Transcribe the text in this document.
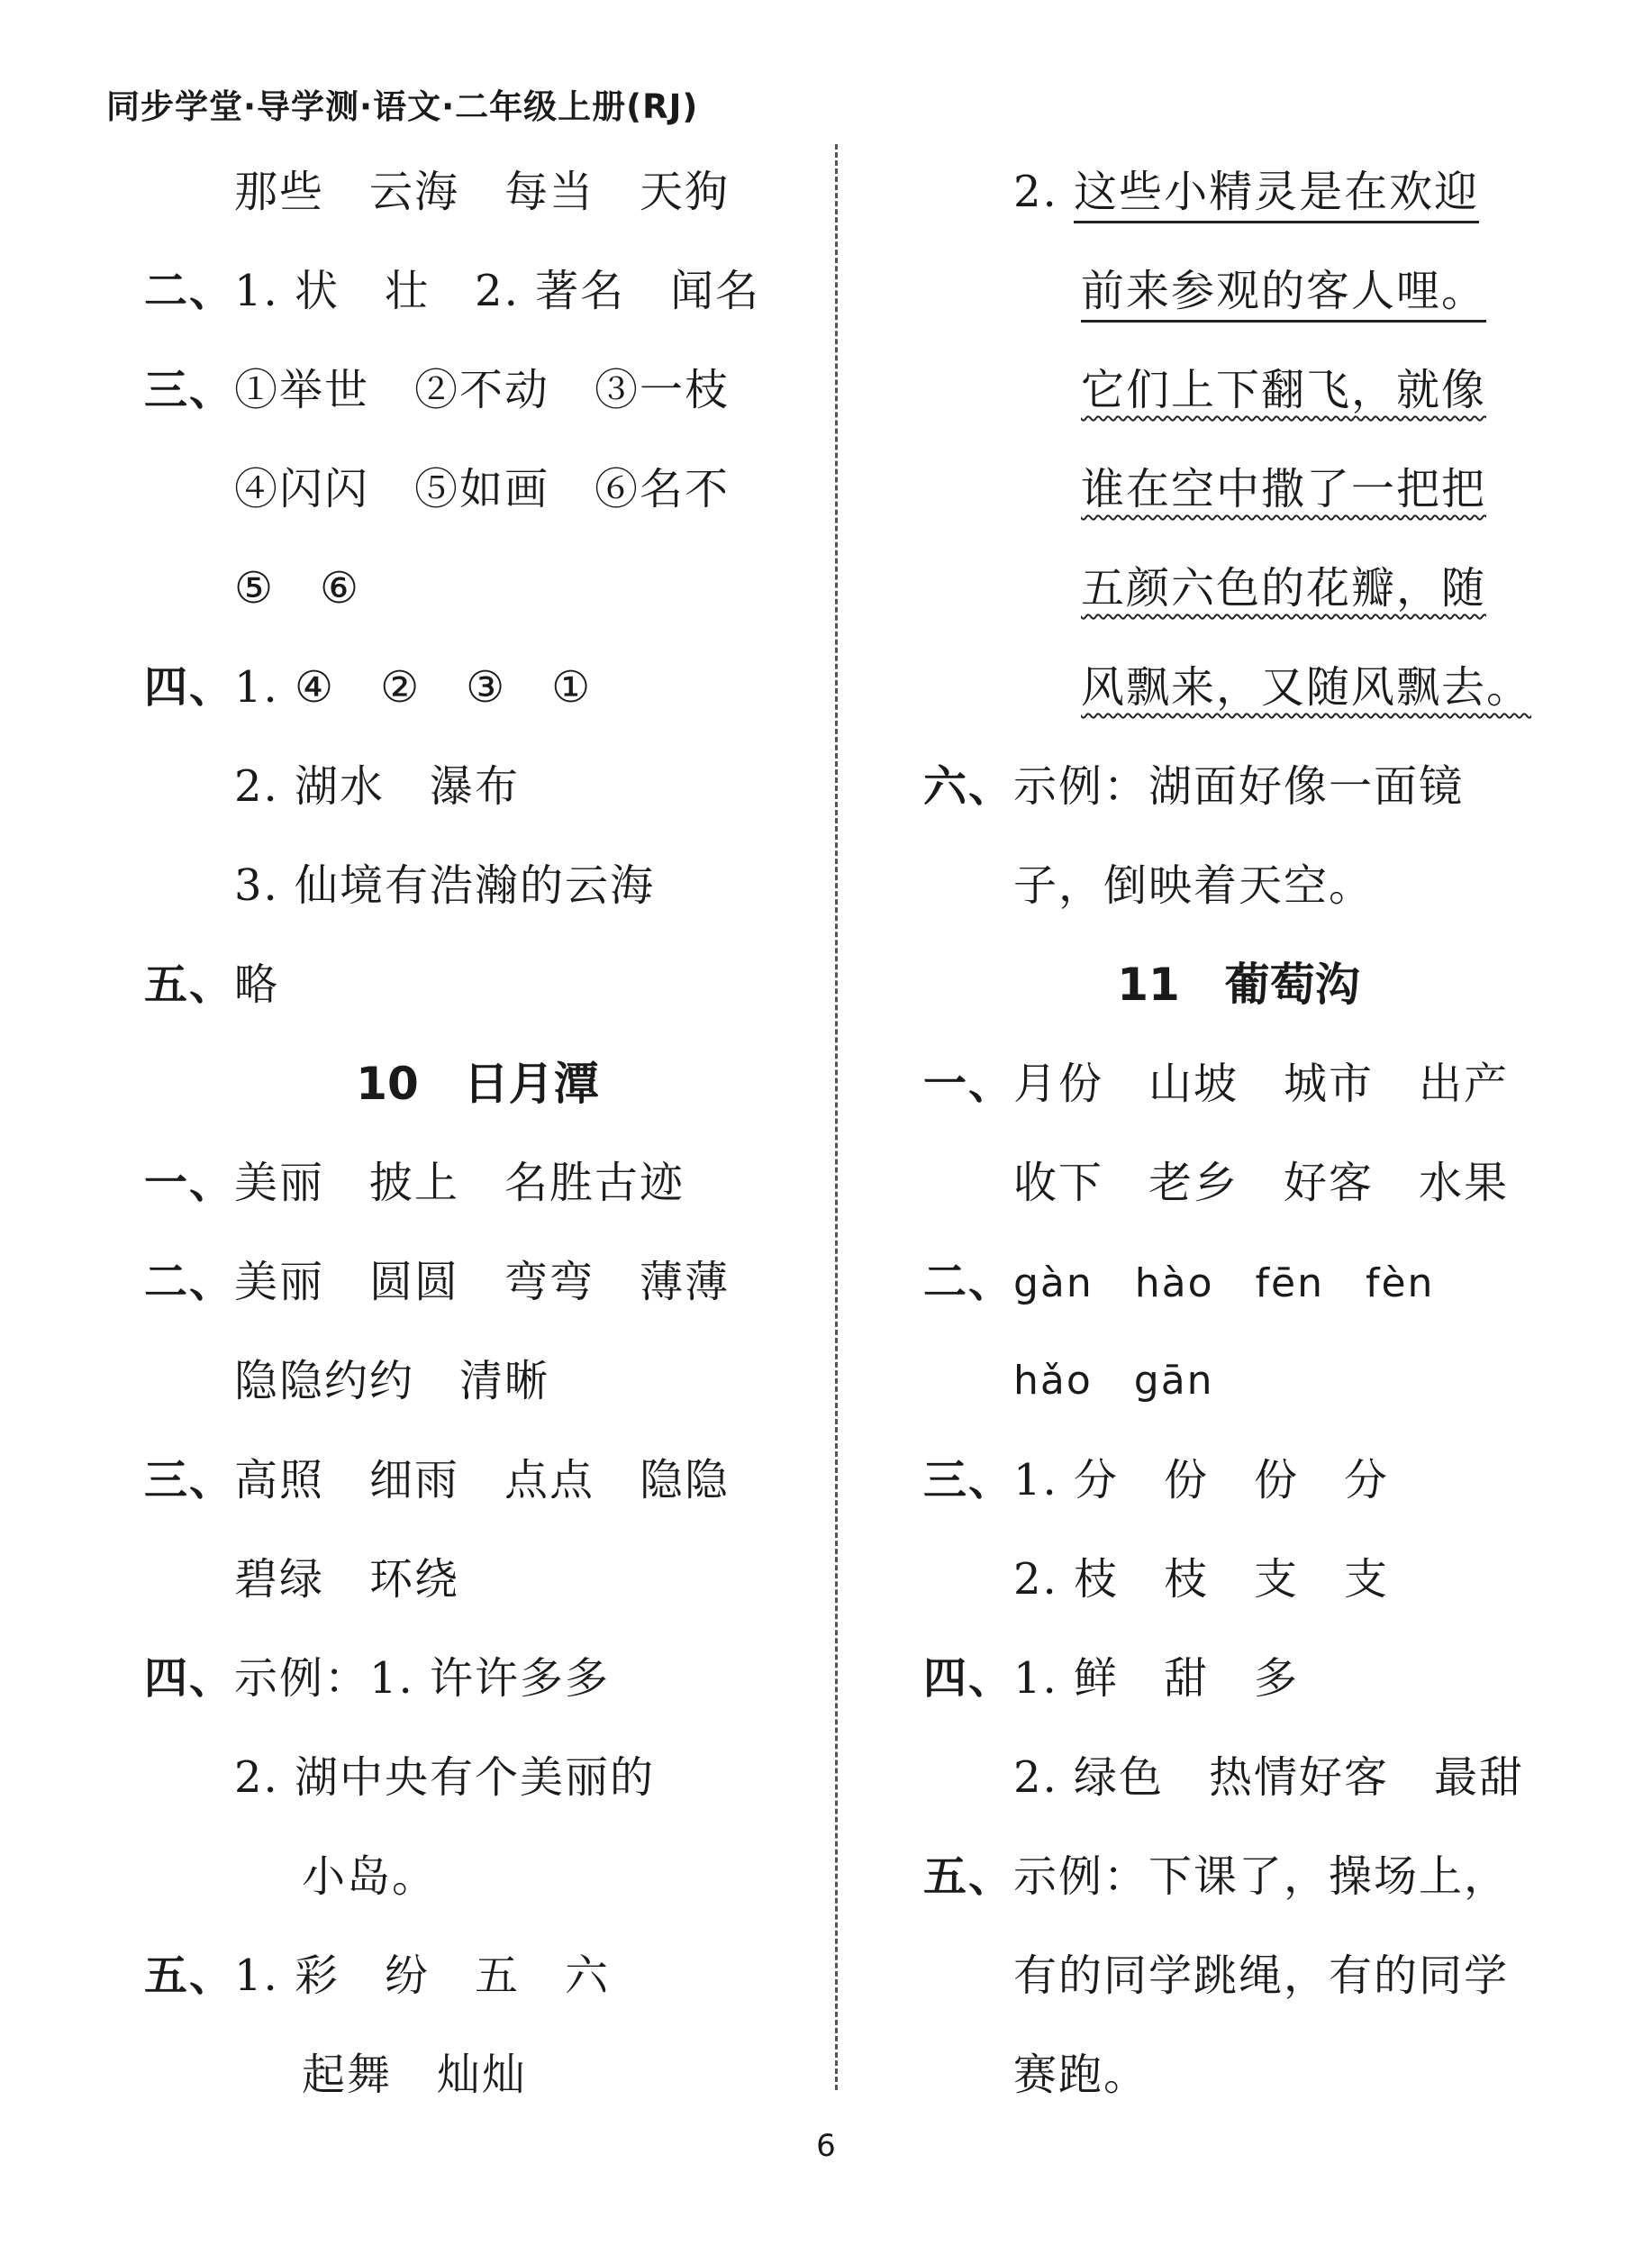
同步学堂·导学测·语文·二年级上册(RJ)
那些　云海　每当　天狗
二、1. 状　壮　2. 著名　闻名
三、①举世　②不动　③一枝
④闪闪　⑤如画　⑥名不
⑤　⑥
四、1. ④　②　③　①
2. 湖水　瀑布
3. 仙境有浩瀚的云海
五、略
10　日月潭
一、美丽　披上　名胜古迹
二、美丽　圆圆　弯弯　薄薄
隐隐约约　清晰
三、高照　细雨　点点　隐隐
碧绿　环绕
四、示例：1. 许许多多
2. 湖中央有个美丽的
小岛。
五、1. 彩　纷　五　六
起舞　灿灿
2. 这些小精灵是在欢迎
前来参观的客人哩。
它们上下翻飞，就像
谁在空中撒了一把把
五颜六色的花瓣，随
风飘来，又随风飘去。
六、示例：湖面好像一面镜
子，倒映着天空。
11　葡萄沟
一、月份　山坡　城市　出产
收下　老乡　好客　水果
二、gàn　hào　fēn　fèn
hǎo　gān
三、1. 分　份　份　分
2. 枝　枝　支　支
四、1. 鲜　甜　多
2. 绿色　热情好客　最甜
五、示例：下课了，操场上，
有的同学跳绳，有的同学
赛跑。
6
